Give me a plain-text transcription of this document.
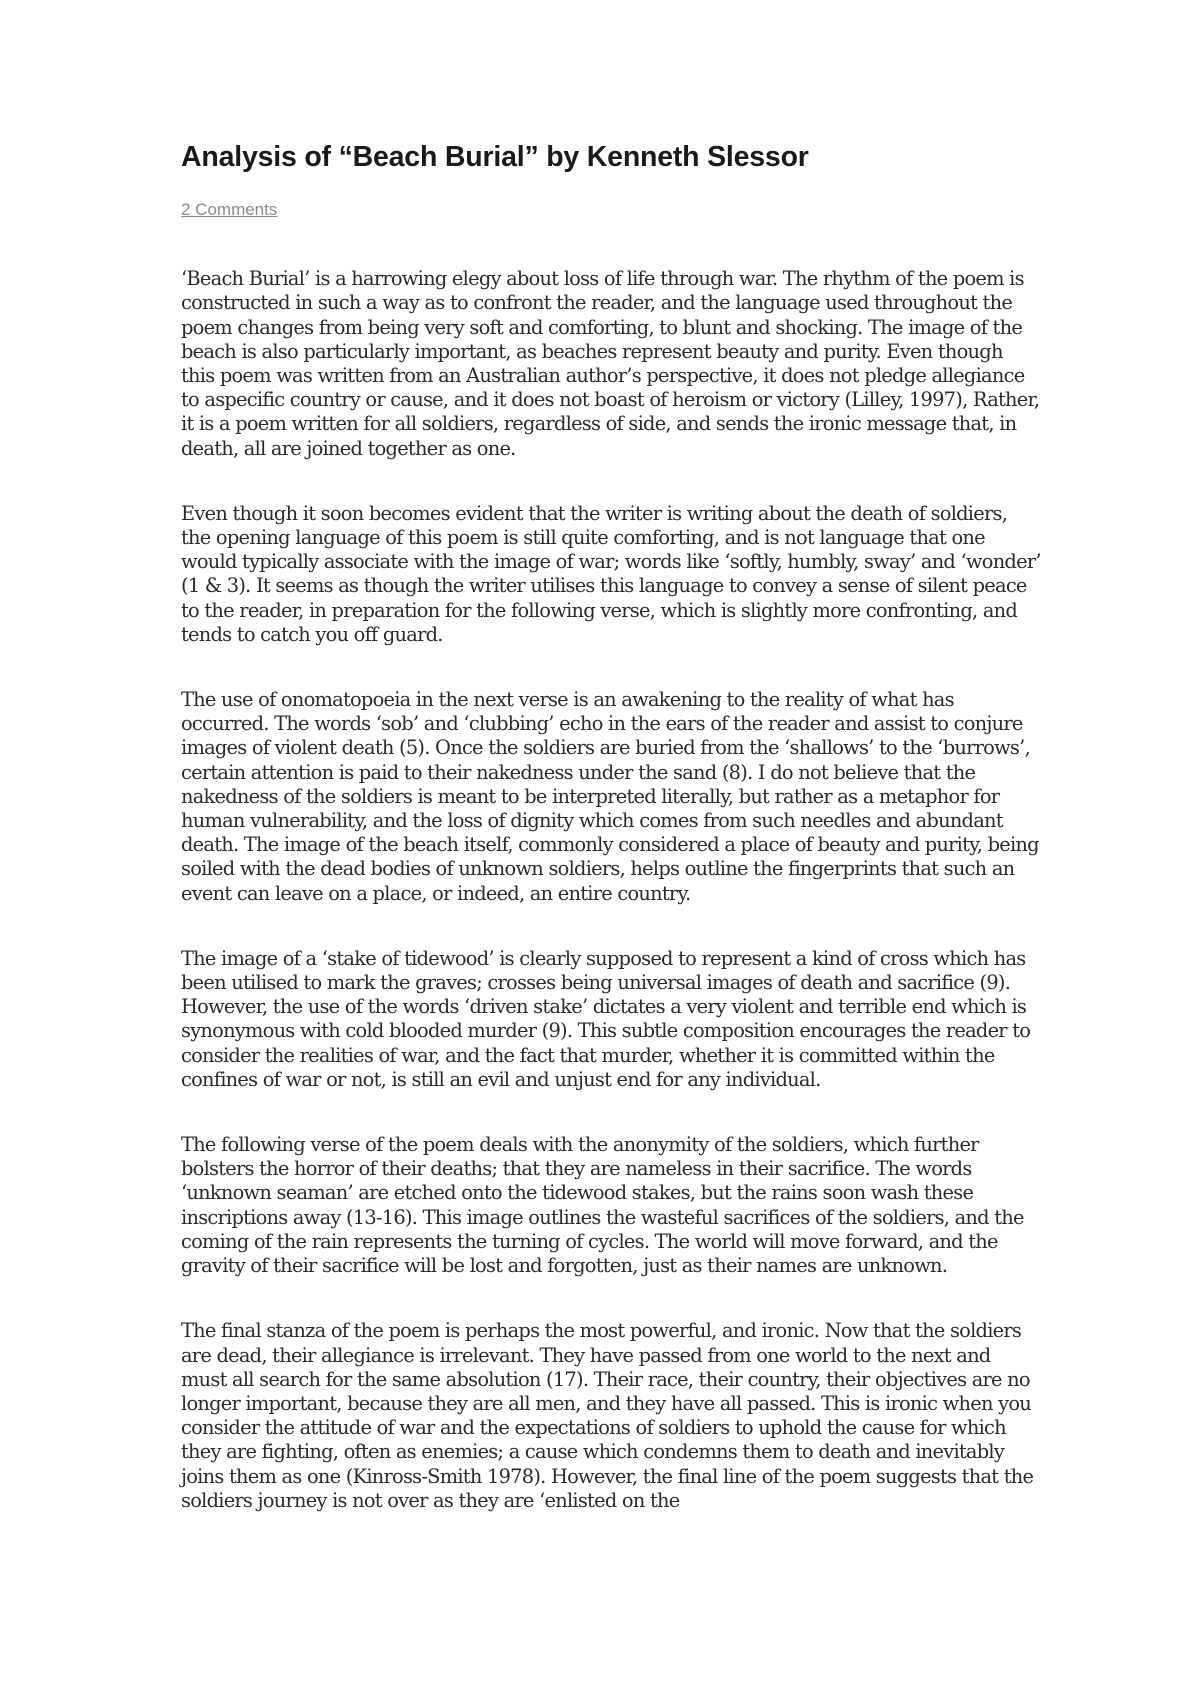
Analysis of “Beach Burial” by Kenneth Slessor
2 Comments

‘Beach Burial’ is a harrowing elegy about loss of life through war. The rhythm of the poem is constructed in such a way as to confront the reader, and the language used throughout the poem changes from being very soft and comforting, to blunt and shocking. The image of the beach is also particularly important, as beaches represent beauty and purity. Even though this poem was written from an Australian author’s perspective, it does not pledge allegiance to aspecific country or cause, and it does not boast of heroism or victory (Lilley, 1997), Rather, it is a poem written for all soldiers, regardless of side, and sends the ironic message that, in death, all are joined together as one.

Even though it soon becomes evident that the writer is writing about the death of soldiers, the opening language of this poem is still quite comforting, and is not language that one would typically associate with the image of war; words like ‘softly, humbly, sway’ and ‘wonder’ (1 & 3). It seems as though the writer utilises this language to convey a sense of silent peace to the reader, in preparation for the following verse, which is slightly more confronting, and tends to catch you off guard.

The use of onomatopoeia in the next verse is an awakening to the reality of what has occurred. The words ‘sob’ and ‘clubbing’ echo in the ears of the reader and assist to conjure images of violent death (5). Once the soldiers are buried from the ‘shallows’ to the ‘burrows’, certain attention is paid to their nakedness under the sand (8). I do not believe that the nakedness of the soldiers is meant to be interpreted literally, but rather as a metaphor for human vulnerability, and the loss of dignity which comes from such needles and abundant death. The image of the beach itself, commonly considered a place of beauty and purity, being soiled with the dead bodies of unknown soldiers, helps outline the fingerprints that such an event can leave on a place, or indeed, an entire country.

The image of a ‘stake of tidewood’ is clearly supposed to represent a kind of cross which has been utilised to mark the graves; crosses being universal images of death and sacrifice (9). However, the use of the words ‘driven stake’ dictates a very violent and terrible end which is synonymous with cold blooded murder (9). This subtle composition encourages the reader to consider the realities of war, and the fact that murder, whether it is committed within the confines of war or not, is still an evil and unjust end for any individual.

The following verse of the poem deals with the anonymity of the soldiers, which further bolsters the horror of their deaths; that they are nameless in their sacrifice. The words ‘unknown seaman’ are etched onto the tidewood stakes, but the rains soon wash these inscriptions away (13-16). This image outlines the wasteful sacrifices of the soldiers, and the coming of the rain represents the turning of cycles. The world will move forward, and the gravity of their sacrifice will be lost and forgotten, just as their names are unknown.

The final stanza of the poem is perhaps the most powerful, and ironic. Now that the soldiers are dead, their allegiance is irrelevant. They have passed from one world to the next and must all search for the same absolution (17). Their race, their country, their objectives are no longer important, because they are all men, and they have all passed. This is ironic when you consider the attitude of war and the expectations of soldiers to uphold the cause for which they are fighting, often as enemies; a cause which condemns them to death and inevitably joins them as one (Kinross-Smith 1978). However, the final line of the poem suggests that the soldiers journey is not over as they are ‘enlisted on the
